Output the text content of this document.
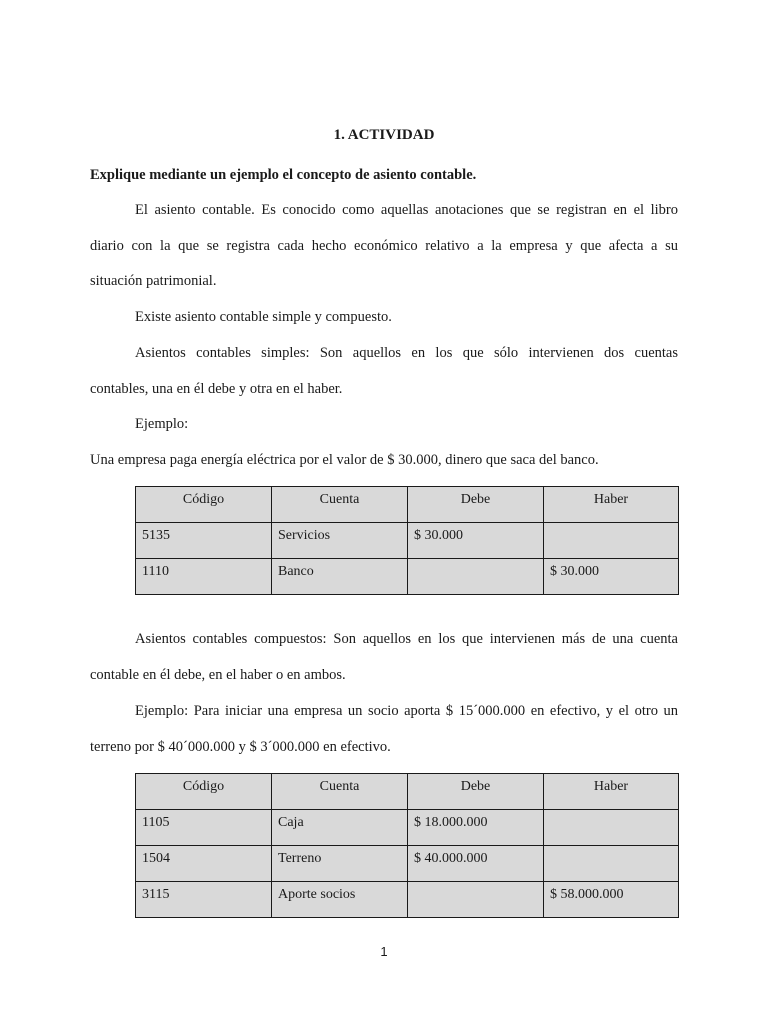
1. ACTIVIDAD
Explique mediante un ejemplo el concepto de asiento contable.
El asiento contable. Es conocido como aquellas anotaciones que se registran en el libro
diario con la que se registra cada hecho económico relativo a la empresa y que afecta a su
situación patrimonial.
Existe asiento contable simple y compuesto.
Asientos contables simples: Son aquellos en los que sólo intervienen dos cuentas
contables, una en él debe y otra en el haber.
Ejemplo:
Una empresa paga energía eléctrica por el valor de $ 30.000, dinero que saca del banco.
Código	Cuenta	Debe	Haber
5135	Servicios	$ 30.000	
1110	Banco		$ 30.000
Asientos contables compuestos: Son aquellos en los que intervienen más de una cuenta
contable en él debe, en el haber o en ambos.
Ejemplo: Para iniciar una empresa un socio aporta $ 15´000.000 en efectivo, y el otro un
terreno por $ 40´000.000 y $ 3´000.000 en efectivo.
Código	Cuenta	Debe	Haber
1105	Caja	$ 18.000.000	
1504	Terreno	$ 40.000.000	
3115	Aporte socios		$ 58.000.000
1
